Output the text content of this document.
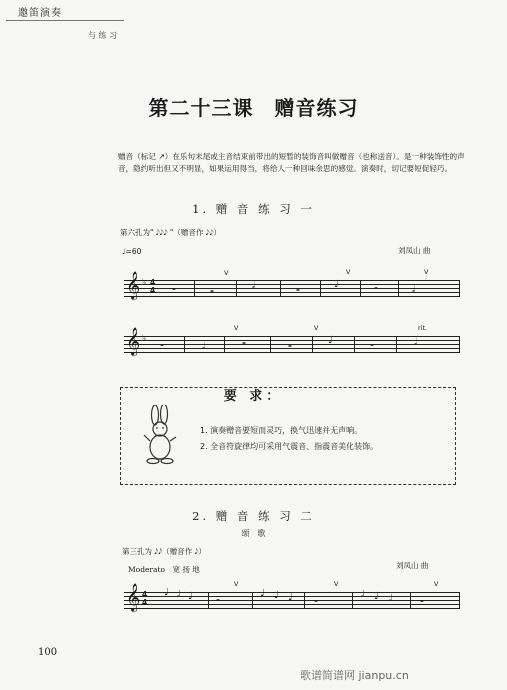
邀笛演奏
与 练 习
第二十三课　赠音练习
赠音（标记 ↗）在乐句末尾或主音结束前带出的短暂的装饰音叫做赠音（也称送音）。是一种装饰性的声音，隐约听出但又不明显，如果运用得当，将给人一种回味余思的感觉。演奏时，切记要短促轻巧。
1. 赠 音 练 习 一
第六孔为" 𝅘𝅥𝅮𝅘𝅥𝅮𝅘𝅥𝅮 "（赠音作 𝅘𝅥𝅮𝅘𝅥𝅮）
♩=60	刘凤山 曲
𝄞 ♭ 4
4 𝅝	𝅝	𝅗𝅥	𝅝	♩	𝅝	𝅗𝅥
V	V	V
𝄞 ♭ 𝅝	𝅗𝅥	𝅝	𝅝	♩	𝅝	𝅗𝅥
rit.
V	V
要 求：
1. 演奏赠音要短而灵巧，换气迅速并无声响。
2. 全音符旋律均可采用气震音、指震音美化装饰。
2. 赠 音 练 习 二
颂　歌
第三孔为 𝅘𝅥𝅮𝅘𝅥𝅮（赠音作 𝅘𝅥𝅮）
Moderato　宽 扬 地	刘凤山 曲
𝄞 4
4
♩ ♩ ♩ 𝅝	♩ ♩ ♩ 𝅝	♩ ♩ ♩	𝅝
V	V	V
100
歌谱简谱网 jianpu.cn
